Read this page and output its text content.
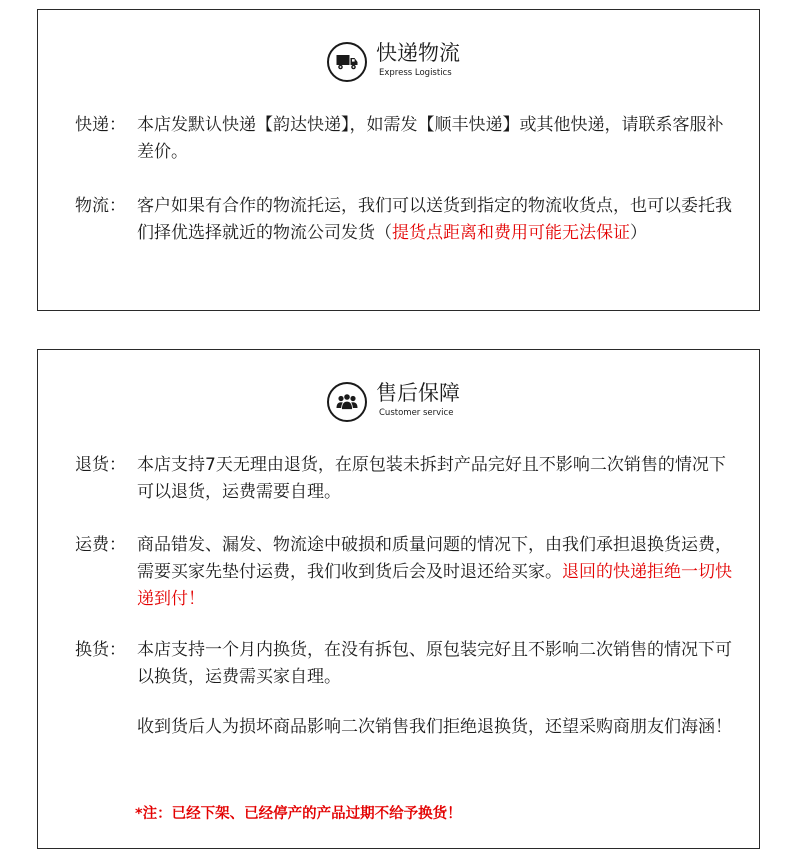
快递物流
Express Logistics
快递： 本店发默认快递【韵达快递】，如需发【顺丰快递】或其他快递，请联系客服补差价。
物流： 客户如果有合作的物流托运，我们可以送货到指定的物流收货点，也可以委托我们择优选择就近的物流公司发货（提货点距离和费用可能无法保证）
售后保障
Customer service
退货： 本店支持7天无理由退货，在原包装未拆封产品完好且不影响二次销售的情况下可以退货，运费需要自理。
运费： 商品错发、漏发、物流途中破损和质量问题的情况下，由我们承担退换货运费，需要买家先垫付运费，我们收到货后会及时退还给买家。退回的快递拒绝一切快递到付！
换货： 本店支持一个月内换货，在没有拆包、原包装完好且不影响二次销售的情况下可以换货，运费需买家自理。
收到货后人为损坏商品影响二次销售我们拒绝退换货，还望采购商朋友们海涵！
*注：已经下架、已经停产的产品过期不给予换货！
